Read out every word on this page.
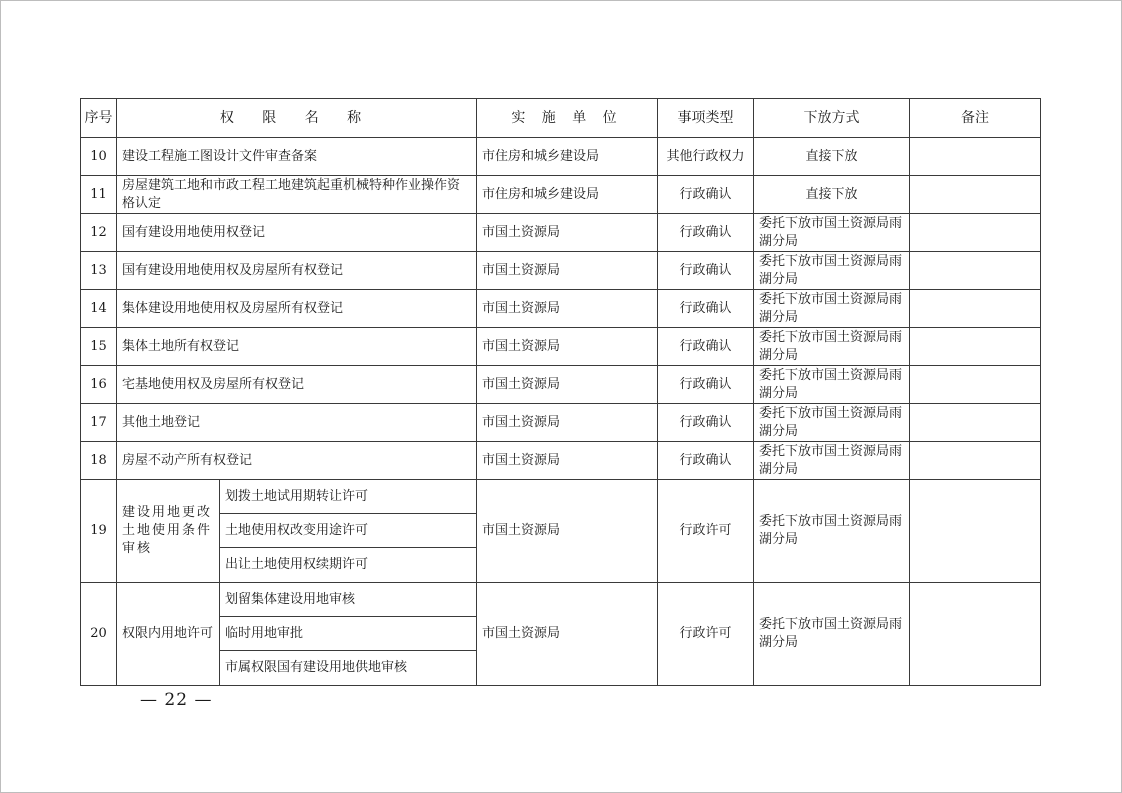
序号	权 限 名 称		实 施 单 位	事项类型	下放方式	备注
10	建设工程施工图设计文件审查备案		市住房和城乡建设局	其他行政权力	直接下放	
11	房屋建筑工地和市政工程工地建筑起重机械特种作业操作资格认定		市住房和城乡建设局	行政确认	直接下放	
12	国有建设用地使用权登记		市国土资源局	行政确认	委托下放市国土资源局雨湖分局	
13	国有建设用地使用权及房屋所有权登记		市国土资源局	行政确认	委托下放市国土资源局雨湖分局	
14	集体建设用地使用权及房屋所有权登记		市国土资源局	行政确认	委托下放市国土资源局雨湖分局	
15	集体土地所有权登记		市国土资源局	行政确认	委托下放市国土资源局雨湖分局	
16	宅基地使用权及房屋所有权登记		市国土资源局	行政确认	委托下放市国土资源局雨湖分局	
17	其他土地登记		市国土资源局	行政确认	委托下放市国土资源局雨湖分局	
18	房屋不动产所有权登记		市国土资源局	行政确认	委托下放市国土资源局雨湖分局	
19	建设用地更改土地使用条件审核	划拨土地试用期转让许可	市国土资源局	行政许可	委托下放市国土资源局雨湖分局	
		土地使用权改变用途许可				
		出让土地使用权续期许可				
20	权限内用地许可	划留集体建设用地审核	市国土资源局	行政许可	委托下放市国土资源局雨湖分局	
		临时用地审批				
		市属权限国有建设用地供地审核				
— 22 —
